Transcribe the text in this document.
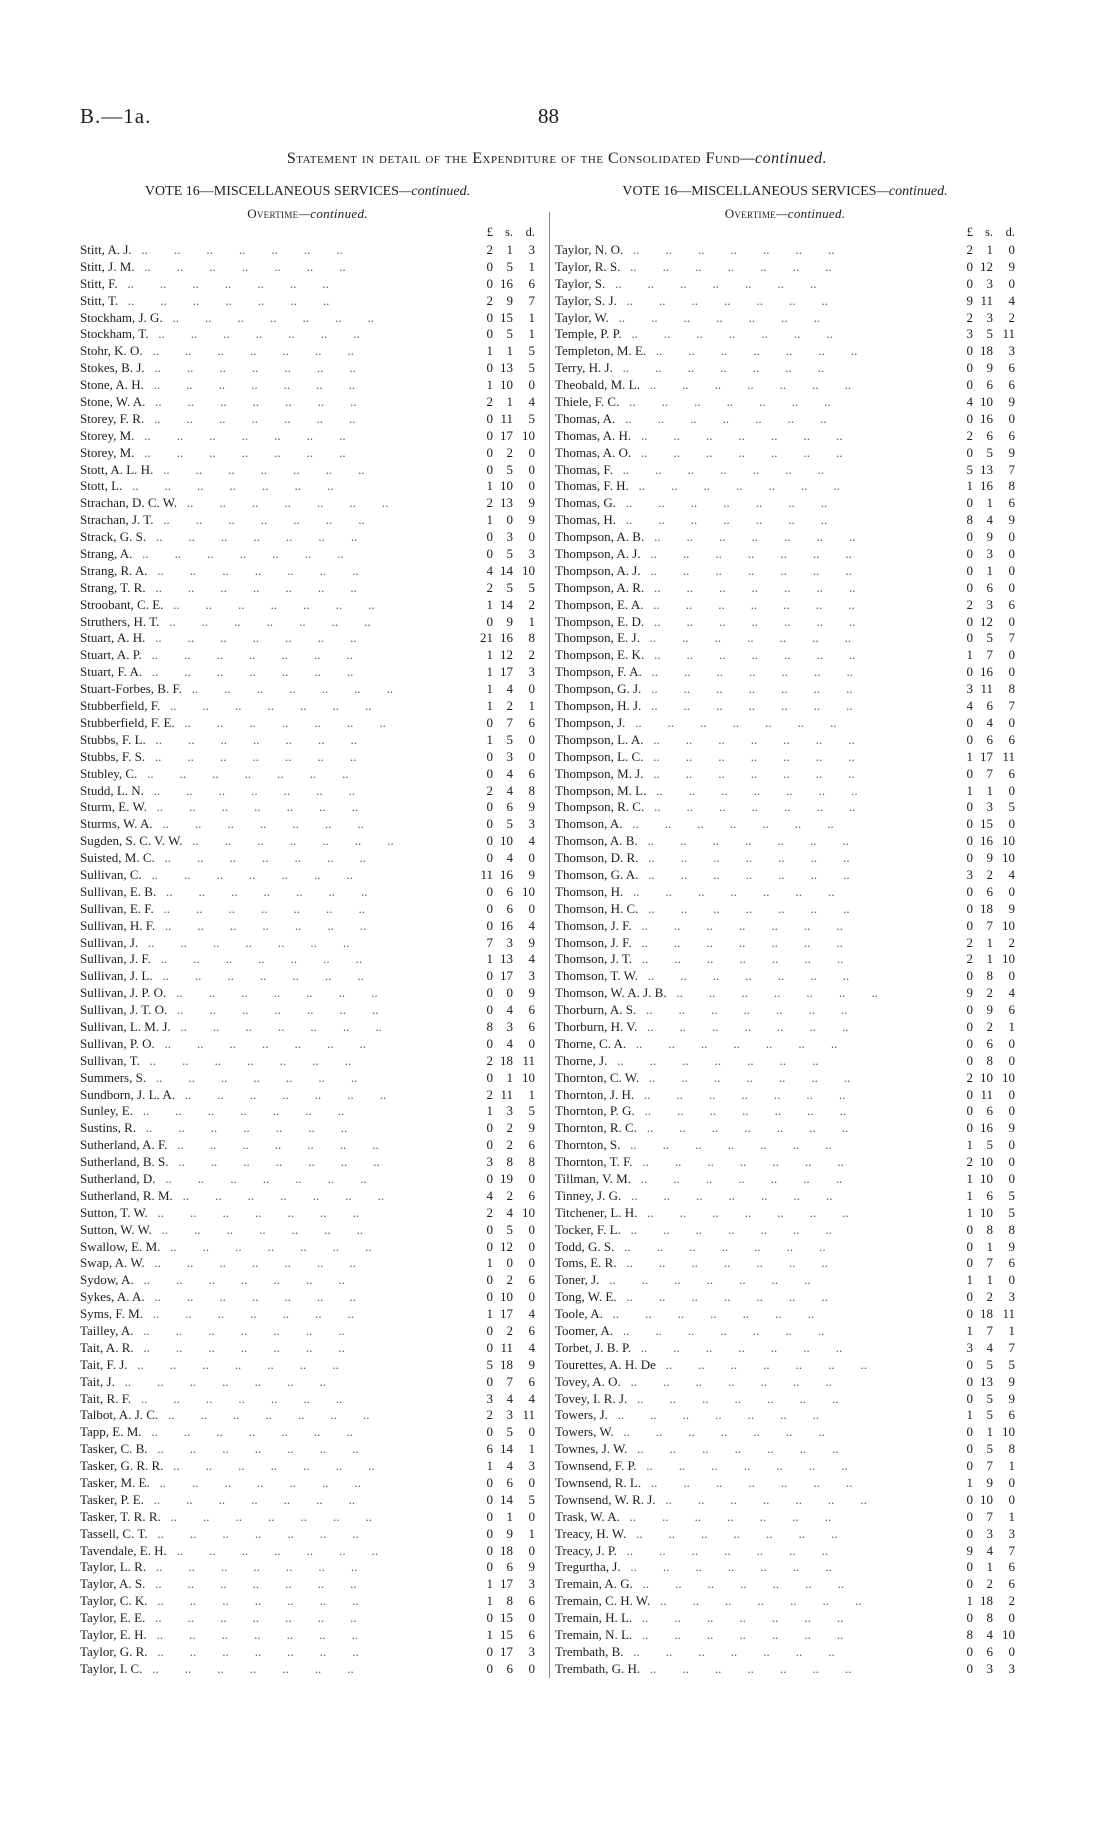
B.—1a.	88
Statement in detail of the Expenditure of the Consolidated Fund—continued.
VOTE 16—MISCELLANEOUS SERVICES—continued.
Overtime—continued.
£ s.	d.
Stitt, A. J. ..	2	1	3
Stitt, J. M. ..	0	5	1
Stitt, F. ..	0 16	6
Stitt, T. ..	2	9	7
Stockham, J. G. ..	0 15	1
Stockham, T. ..	0	5	1
Stohr, K. O. ..	1	1	5
Stokes, B. J. ..	0 13	5
Stone, A. H. ..	1 10	0
Stone, W. A. ..	2	1	4
Storey, F. R. ..	0 11	5
Storey, M. ..	0 17 10
Storey, M. ..	0	2	0
Stott, A. L. H. ..	0	5	0
Stott, L. ..	1 10	0
Strachan, D. C. W. ..	2 13	9
Strachan, J. T. ..	1	0	9
Strack, G. S. ..	0	3	0
Strang, A. ..	0	5	3
Strang, R. A. ..	4 14 10
Strang, T. R. ..	2	5	5
Stroobant, C. E. ..	1 14	2
Struthers, H. T. ..	0	9	1
Stuart, A. H. ..	21 16	8
Stuart, A. P. ..	1 12	2
Stuart, F. A. ..	1 17	3
Stuart-Forbes, B. F. ..	1	4	0
Stubberfield, F. ..	1	2	1
Stubberfield, F. E. ..	0	7	6
Stubbs, F. L. ..	1	5	0
Stubbs, F. S. ..	0	3	0
Stubley, C. ..	0	4	6
Studd, L. N. ..	2	4	8
Sturm, E. W. ..	0	6	9
Sturms, W. A. ..	0	5	3
Sugden, S. C. V. W. ..	0 10	4
Suisted, M. C. ..	0	4	0
Sullivan, C. ..	11 16	9
Sullivan, E. B. ..	0	6 10
Sullivan, E. F. ..	0	6	0
Sullivan, H. F. ..	0 16	4
Sullivan, J. ..	7	3	9
Sullivan, J. F. ..	1 13	4
Sullivan, J. L. ..	0 17	3
Sullivan, J. P. O. ..	0	0	9
Sullivan, J. T. O. ..	0	4	6
Sullivan, L. M. J. ..	8	3	6
Sullivan, P. O. ..	0	4	0
Sullivan, T. ..	2 18 11
Summers, S. ..	0	1 10
Sundborn, J. L. A. ..	2 11	1
Sunley, E. ..	1	3	5
Sustins, R. ..	0	2	9
Sutherland, A. F. ..	0	2	6
Sutherland, B. S. ..	3	8	8
Sutherland, D. ..	0 19	0
Sutherland, R. M. ..	4	2	6
Sutton, T. W. ..	2	4 10
Sutton, W. W. ..	0	5	0
Swallow, E. M. ..	0 12	0
Swap, A. W. ..	1	0	0
Sydow, A. ..	0	2	6
Sykes, A. A. ..	0 10	0
Syms, F. M. ..	1 17	4
Tailley, A. ..	0	2	6
Tait, A. R. ..	0 11	4
Tait, F. J. ..	5 18	9
Tait, J. ..	0	7	6
Tait, R. F. ..	3	4	4
Talbot, A. J. C. ..	2	3 11
Tapp, E. M. ..	0	5	0
Tasker, C. B. ..	6 14	1
Tasker, G. R. R. ..	1	4	3
Tasker, M. E. ..	0	6	0
Tasker, P. E. ..	0 14	5
Tasker, T. R. R. ..	0	1	0
Tassell, C. T. ..	0	9	1
Tavendale, E. H. ..	0 18	0
Taylor, L. R. ..	0	6	9
Taylor, A. S. ..	1 17	3
Taylor, C. K. ..	1	8	6
Taylor, E. E. ..	0 15	0
Taylor, E. H. ..	1 15	6
Taylor, G. R. ..	0 17	3
Taylor, I. C. ..	0	6	0
VOTE 16—MISCELLANEOUS SERVICES—continued.
Overtime—continued.
£ s.	d.
Taylor, N. O. ..	2	1	0
Taylor, R. S. ..	0 12	9
Taylor, S. ..	0	3	0
Taylor, S. J. ..	9 11	4
Taylor, W. ..	2	3	2
Temple, P. P. ..	3	5 11
Templeton, M. E. ..	0 18	3
Terry, H. J. ..	0	9	6
Theobald, M. L. ..	0	6	6
Thiele, F. C. ..	4 10	9
Thomas, A. ..	0 16	0
Thomas, A. H. ..	2	6	6
Thomas, A. O. ..	0	5	9
Thomas, F. ..	5 13	7
Thomas, F. H. ..	1 16	8
Thomas, G. ..	0	1	6
Thomas, H. ..	8	4	9
Thompson, A. B. ..	0	9	0
Thompson, A. J. ..	0	3	0
Thompson, A. J. ..	0	1	0
Thompson, A. R. ..	0	6	0
Thompson, E. A. ..	2	3	6
Thompson, E. D. ..	0 12	0
Thompson, E. J. ..	0	5	7
Thompson, E. K. ..	1	7	0
Thompson, F. A. ..	0 16	0
Thompson, G. J. ..	3 11	8
Thompson, H. J. ..	4	6	7
Thompson, J. ..	0	4	0
Thompson, L. A. ..	0	6	6
Thompson, L. C. ..	1 17 11
Thompson, M. J. ..	0	7	6
Thompson, M. L. ..	1	1	0
Thompson, R. C. ..	0	3	5
Thomson, A. ..	0 15	0
Thomson, A. B. ..	0 16 10
Thomson, D. R. ..	0	9 10
Thomson, G. A. ..	3	2	4
Thomson, H. ..	0	6	0
Thomson, H. C. ..	0 18	9
Thomson, J. F. ..	0	7 10
Thomson, J. F. ..	2	1	2
Thomson, J. T. ..	2	1 10
Thomson, T. W. ..	0	8	0
Thomson, W. A. J. B. ..	9	2	4
Thorburn, A. S. ..	0	9	6
Thorburn, H. V. ..	0	2	1
Thorne, C. A. ..	0	6	0
Thorne, J. ..	0	8	0
Thornton, C. W. ..	2 10 10
Thornton, J. H. ..	0 11	0
Thornton, P. G. ..	0	6	0
Thornton, R. C. ..	0 16	9
Thornton, S. ..	1	5	0
Thornton, T. F. ..	2 10	0
Tillman, V. M. ..	1 10	0
Tinney, J. G. ..	1	6	5
Titchener, L. H. ..	1 10	5
Tocker, F. L. ..	0	8	8
Todd, G. S. ..	0	1	9
Toms, E. R. ..	0	7	6
Toner, J. ..	1	1	0
Tong, W. E. ..	0	2	3
Toole, A. ..	0 18 11
Toomer, A. ..	1	7	1
Torbet, J. B. P. ..	3	4	7
Tourettes, A. H. De ..	0	5	5
Tovey, A. O. ..	0 13	9
Tovey, I. R. J. ..	0	5	9
Towers, J. ..	1	5	6
Towers, W. ..	0	1 10
Townes, J. W. ..	0	5	8
Townsend, F. P. ..	0	7	1
Townsend, R. L. ..	1	9	0
Townsend, W. R. J. ..	0 10	0
Trask, W. A. ..	0	7	1
Treacy, H. W. ..	0	3	3
Treacy, J. P. ..	9	4	7
Tregurtha, J. ..	0	1	6
Tremain, A. G. ..	0	2	6
Tremain, C. H. W. ..	1 18	2
Tremain, H. L. ..	0	8	0
Tremain, N. L. ..	8	4 10
Trembath, B. ..	0	6	0
Trembath, G. H. ..	0	3	3
